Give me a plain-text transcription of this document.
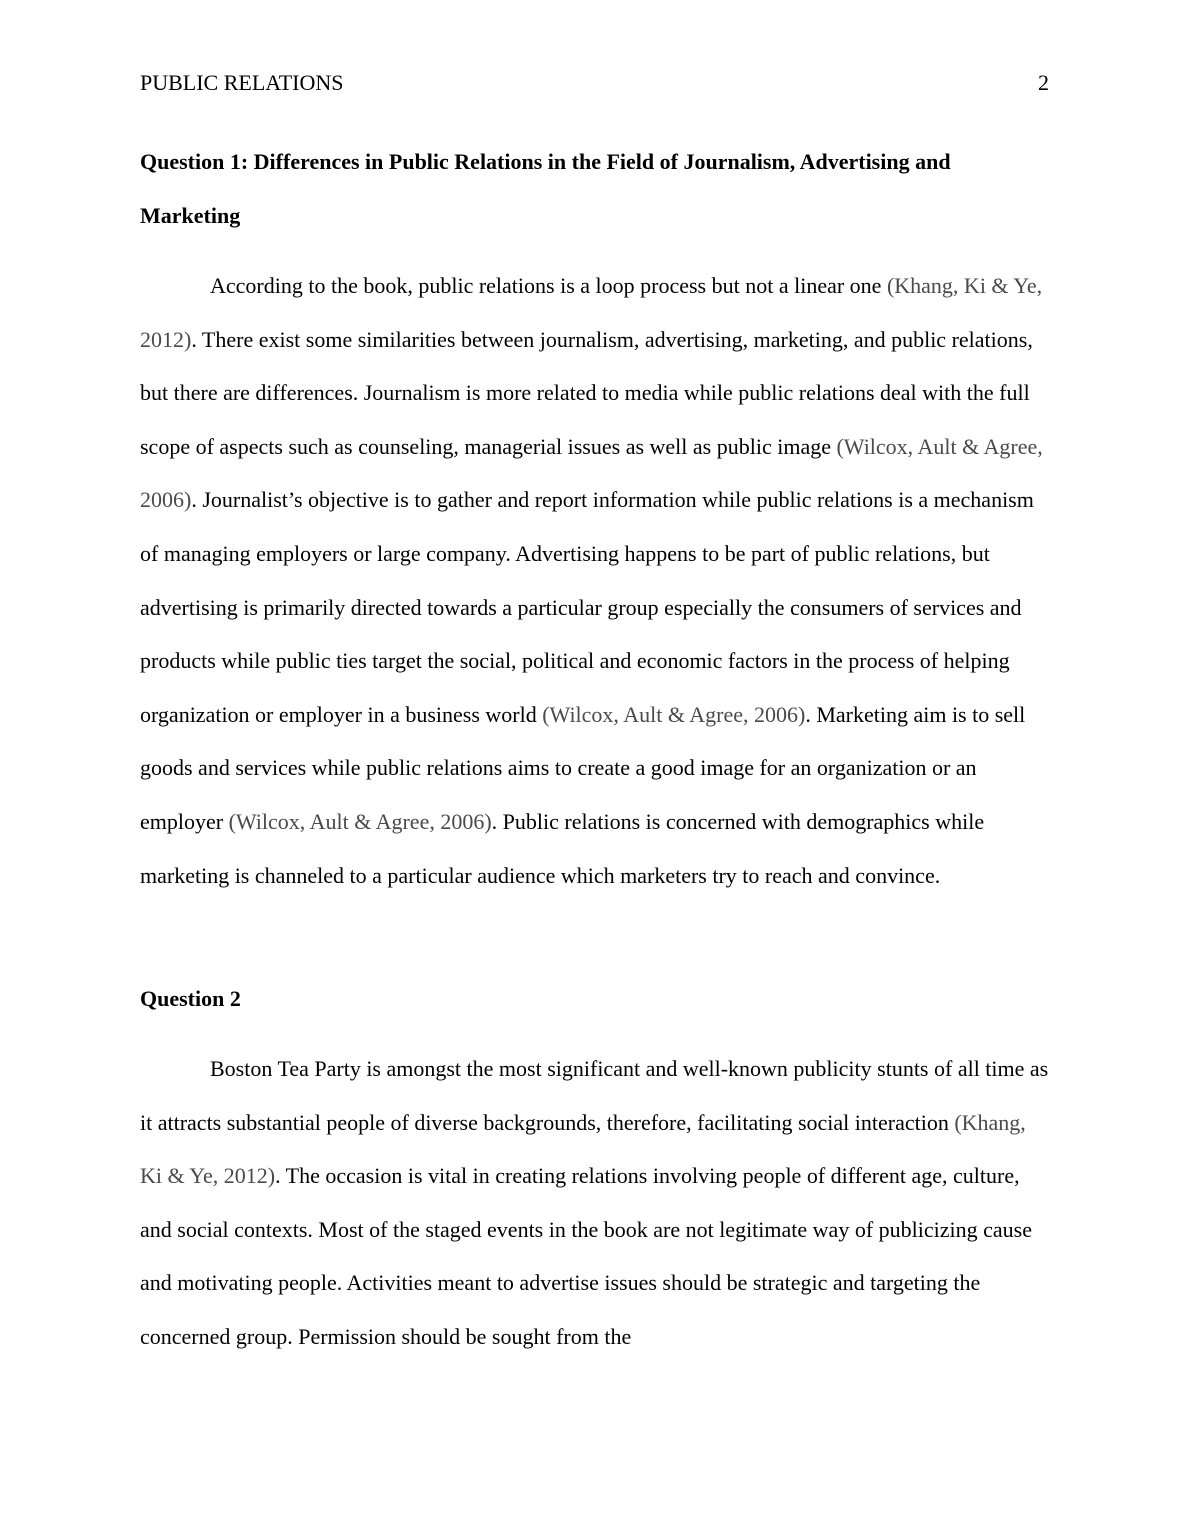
PUBLIC RELATIONS	2
Question 1: Differences in Public Relations in the Field of Journalism, Advertising and Marketing

According to the book, public relations is a loop process but not a linear one (Khang, Ki & Ye, 2012). There exist some similarities between journalism, advertising, marketing, and public relations, but there are differences. Journalism is more related to media while public relations deal with the full scope of aspects such as counseling, managerial issues as well as public image (Wilcox, Ault & Agree, 2006). Journalist’s objective is to gather and report information while public relations is a mechanism of managing employers or large company. Advertising happens to be part of public relations, but advertising is primarily directed towards a particular group especially the consumers of services and products while public ties target the social, political and economic factors in the process of helping organization or employer in a business world (Wilcox, Ault & Agree, 2006). Marketing aim is to sell goods and services while public relations aims to create a good image for an organization or an employer (Wilcox, Ault & Agree, 2006). Public relations is concerned with demographics while marketing is channeled to a particular audience which marketers try to reach and convince.

Question 2

Boston Tea Party is amongst the most significant and well-known publicity stunts of all time as it attracts substantial people of diverse backgrounds, therefore, facilitating social interaction (Khang, Ki & Ye, 2012). The occasion is vital in creating relations involving people of different age, culture, and social contexts. Most of the staged events in the book are not legitimate way of publicizing cause and motivating people. Activities meant to advertise issues should be strategic and targeting the concerned group. Permission should be sought from the
